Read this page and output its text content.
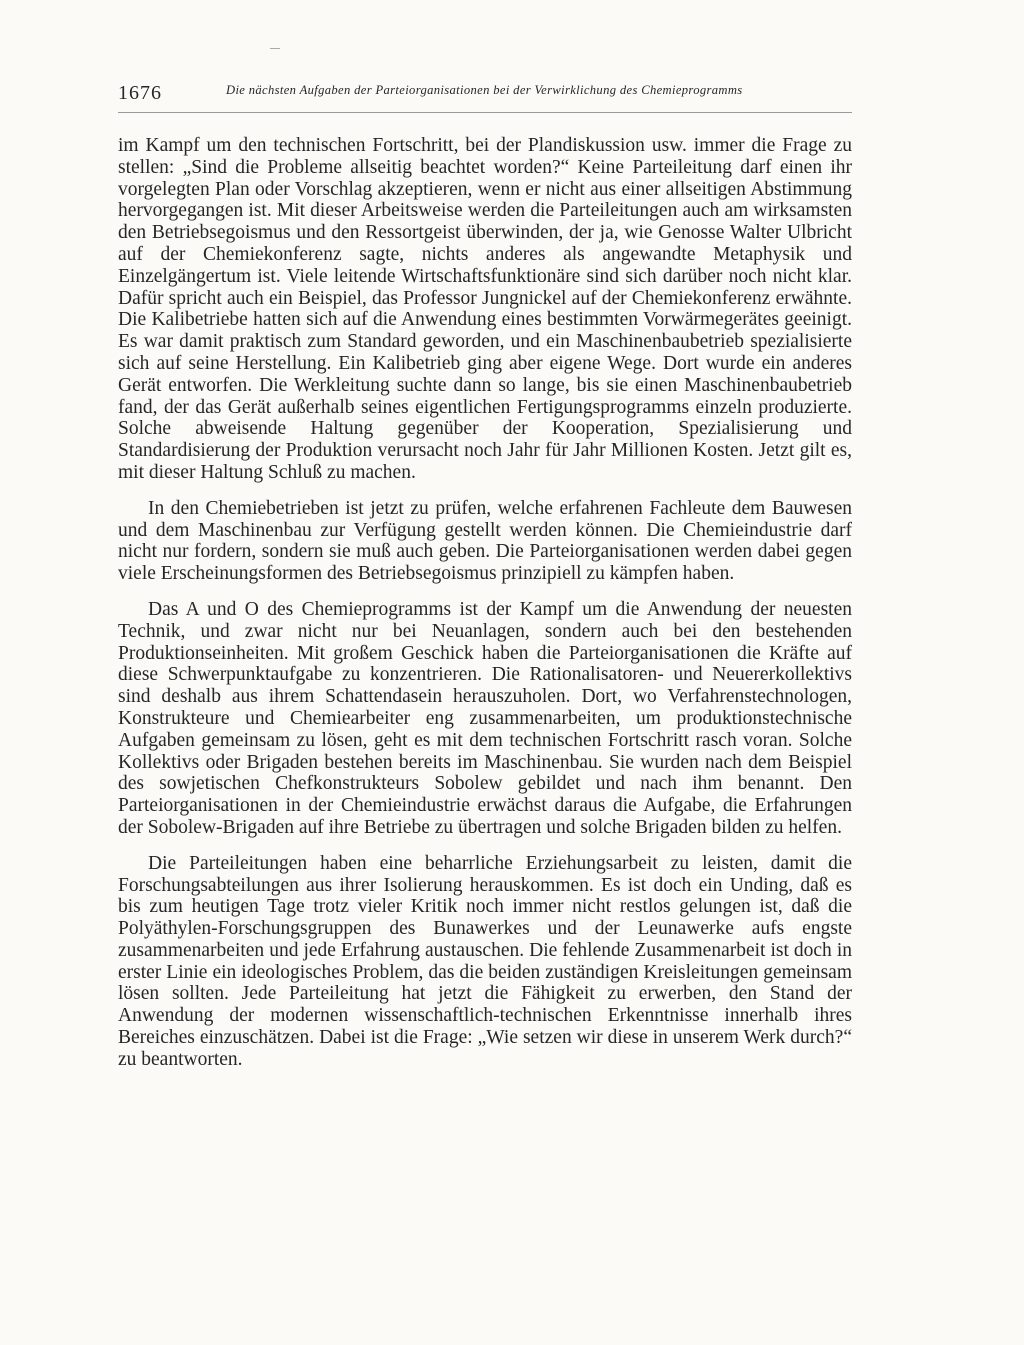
1676	Die nächsten Aufgaben der Parteiorganisationen bei der Verwirklichung des Chemieprogramms

im Kampf um den technischen Fortschritt, bei der Plandiskussion usw. immer die Frage zu stellen: „Sind die Probleme allseitig beachtet worden?“ Keine Parteileitung darf einen ihr vorgelegten Plan oder Vorschlag akzeptieren, wenn er nicht aus einer allseitigen Abstimmung hervorgegangen ist. Mit dieser Arbeitsweise werden die Parteileitungen auch am wirksamsten den Betriebsegoismus und den Ressortgeist überwinden, der ja, wie Genosse Walter Ulbricht auf der Chemiekonferenz sagte, nichts anderes als angewandte Metaphysik und Einzelgängertum ist. Viele leitende Wirtschaftsfunktionäre sind sich darüber noch nicht klar. Dafür spricht auch ein Beispiel, das Professor Jungnickel auf der Chemiekonferenz erwähnte. Die Kalibetriebe hatten sich auf die Anwendung eines bestimmten Vorwärmegerätes geeinigt. Es war damit praktisch zum Standard geworden, und ein Maschinenbaubetrieb spezialisierte sich auf seine Herstellung. Ein Kalibetrieb ging aber eigene Wege. Dort wurde ein anderes Gerät entworfen. Die Werkleitung suchte dann so lange, bis sie einen Maschinenbaubetrieb fand, der das Gerät außerhalb seines eigentlichen Fertigungsprogramms einzeln produzierte. Solche abweisende Haltung gegenüber der Kooperation, Spezialisierung und Standardisierung der Produktion verursacht noch Jahr für Jahr Millionen Kosten. Jetzt gilt es, mit dieser Haltung Schluß zu machen.

In den Chemiebetrieben ist jetzt zu prüfen, welche erfahrenen Fachleute dem Bauwesen und dem Maschinenbau zur Verfügung gestellt werden können. Die Chemieindustrie darf nicht nur fordern, sondern sie muß auch geben. Die Parteiorganisationen werden dabei gegen viele Erscheinungsformen des Betriebsegoismus prinzipiell zu kämpfen haben.

Das A und O des Chemieprogramms ist der Kampf um die Anwendung der neuesten Technik, und zwar nicht nur bei Neuanlagen, sondern auch bei den bestehenden Produktionseinheiten. Mit großem Geschick haben die Parteiorganisationen die Kräfte auf diese Schwerpunktaufgabe zu konzentrieren. Die Rationalisatoren- und Neuererkollektivs sind deshalb aus ihrem Schattendasein herauszuholen. Dort, wo Verfahrenstechnologen, Konstrukteure und Chemiearbeiter eng zusammenarbeiten, um produktionstechnische Aufgaben gemeinsam zu lösen, geht es mit dem technischen Fortschritt rasch voran. Solche Kollektivs oder Brigaden bestehen bereits im Maschinenbau. Sie wurden nach dem Beispiel des sowjetischen Chefkonstrukteurs Sobolew gebildet und nach ihm benannt. Den Parteiorganisationen in der Chemieindustrie erwächst daraus die Aufgabe, die Erfahrungen der Sobolew-Brigaden auf ihre Betriebe zu übertragen und solche Brigaden bilden zu helfen.

Die Parteileitungen haben eine beharrliche Erziehungsarbeit zu leisten, damit die Forschungsabteilungen aus ihrer Isolierung herauskommen. Es ist doch ein Unding, daß es bis zum heutigen Tage trotz vieler Kritik noch immer nicht restlos gelungen ist, daß die Polyäthylen-Forschungsgruppen des Bunawerkes und der Leunawerke aufs engste zusammenarbeiten und jede Erfahrung austauschen. Die fehlende Zusammenarbeit ist doch in erster Linie ein ideologisches Problem, das die beiden zuständigen Kreisleitungen gemeinsam lösen sollten. Jede Parteileitung hat jetzt die Fähigkeit zu erwerben, den Stand der Anwendung der modernen wissenschaftlich-technischen Erkenntnisse innerhalb ihres Bereiches einzuschätzen. Dabei ist die Frage: „Wie setzen wir diese in unserem Werk durch?“ zu beantworten.
